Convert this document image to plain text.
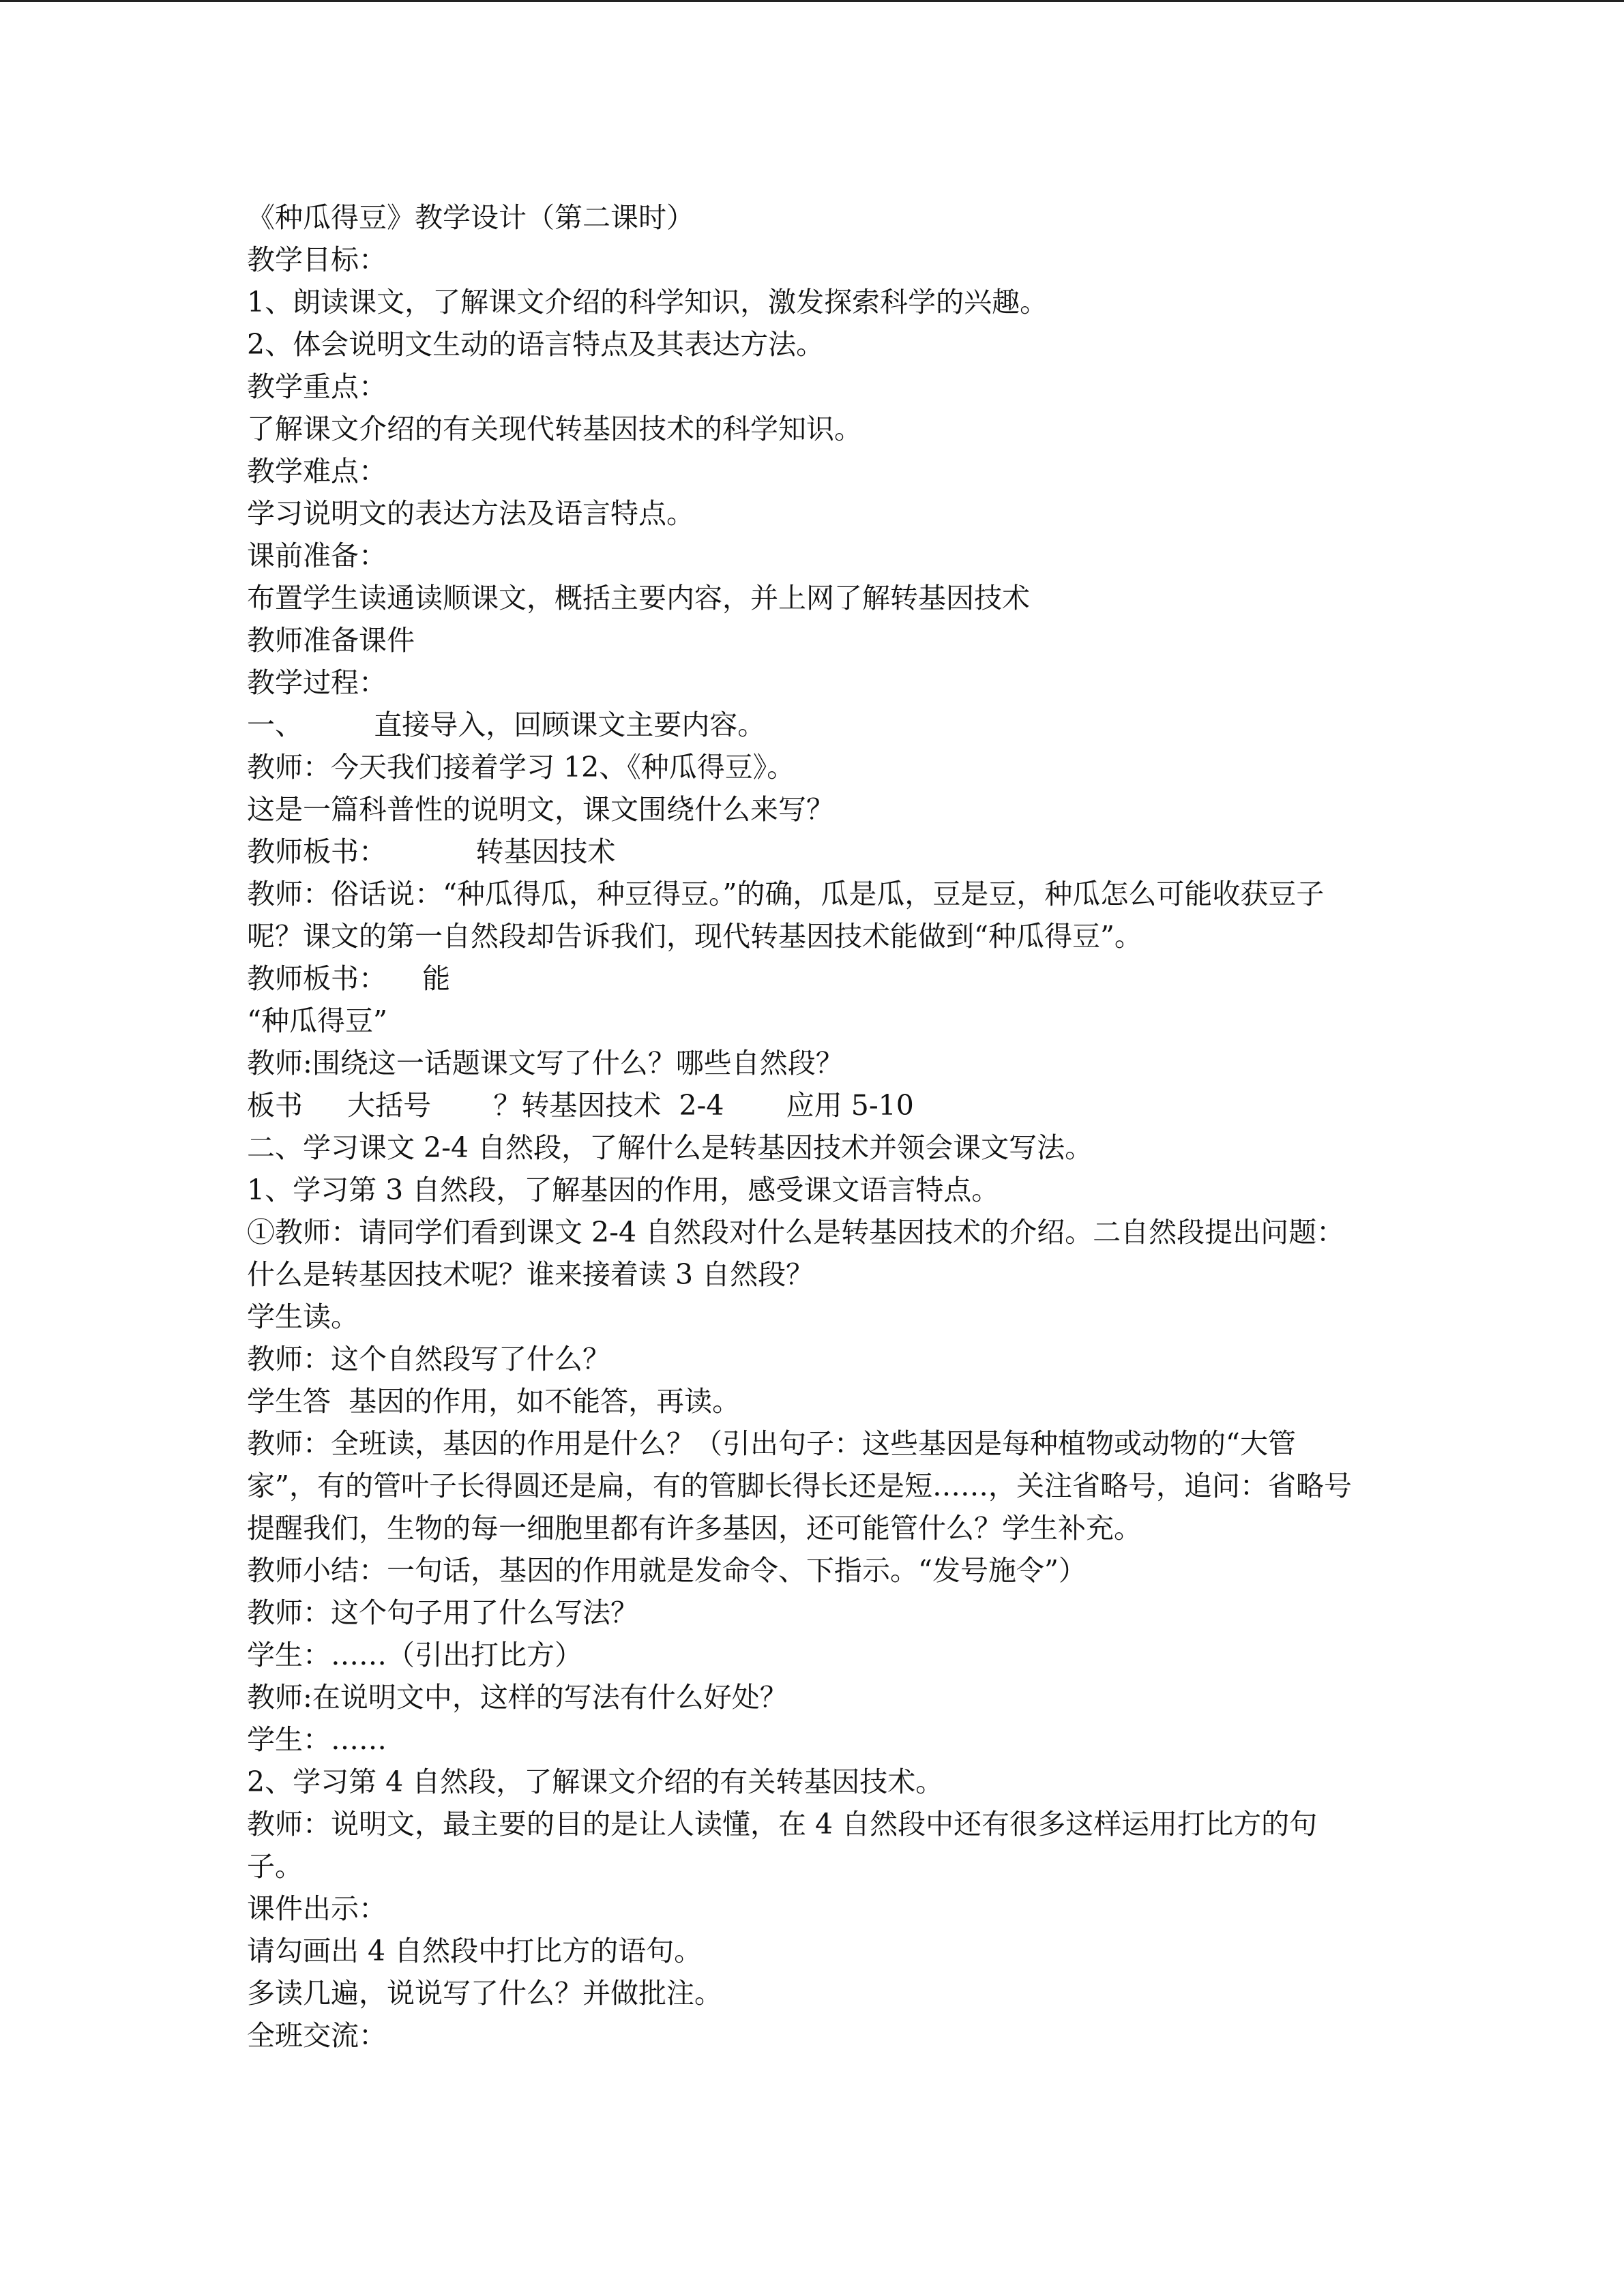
《种瓜得豆》教学设计（第二课时）
教学目标：
1、朗读课文，了解课文介绍的科学知识，激发探索科学的兴趣。
2、体会说明文生动的语言特点及其表达方法。
教学重点：
了解课文介绍的有关现代转基因技术的科学知识。
教学难点：
学习说明文的表达方法及语言特点。
课前准备：
布置学生读通读顺课文，概括主要内容，并上网了解转基因技术
教师准备课件
教学过程：
一、        直接导入，回顾课文主要内容。
教师：今天我们接着学习 12、《种瓜得豆》。
这是一篇科普性的说明文，课文围绕什么来写？
教师板书：          转基因技术
教师：俗话说：“种瓜得瓜，种豆得豆。”的确，瓜是瓜，豆是豆，种瓜怎么可能收获豆子
呢？课文的第一自然段却告诉我们，现代转基因技术能做到“种瓜得豆”。
教师板书：    能
“种瓜得豆”
教师:围绕这一话题课文写了什么？哪些自然段？
板书     大括号       ？转基因技术  2-4       应用 5-10
二、学习课文 2-4 自然段，了解什么是转基因技术并领会课文写法。
1、学习第 3 自然段，了解基因的作用，感受课文语言特点。
①教师：请同学们看到课文 2-4 自然段对什么是转基因技术的介绍。二自然段提出问题：
什么是转基因技术呢？谁来接着读 3 自然段？
学生读。
教师：这个自然段写了什么？
学生答  基因的作用，如不能答，再读。
教师：全班读，基因的作用是什么？（引出句子：这些基因是每种植物或动物的“大管
家”，有的管叶子长得圆还是扁，有的管脚长得长还是短……，关注省略号，追问：省略号
提醒我们，生物的每一细胞里都有许多基因，还可能管什么？学生补充。
教师小结：一句话，基因的作用就是发命令、下指示。“发号施令”）
教师：这个句子用了什么写法？
学生：……（引出打比方）
教师:在说明文中，这样的写法有什么好处？
学生：……
2、学习第 4 自然段，了解课文介绍的有关转基因技术。
教师：说明文，最主要的目的是让人读懂，在 4 自然段中还有很多这样运用打比方的句
子。
课件出示：
请勾画出 4 自然段中打比方的语句。
多读几遍，说说写了什么？并做批注。
全班交流：
